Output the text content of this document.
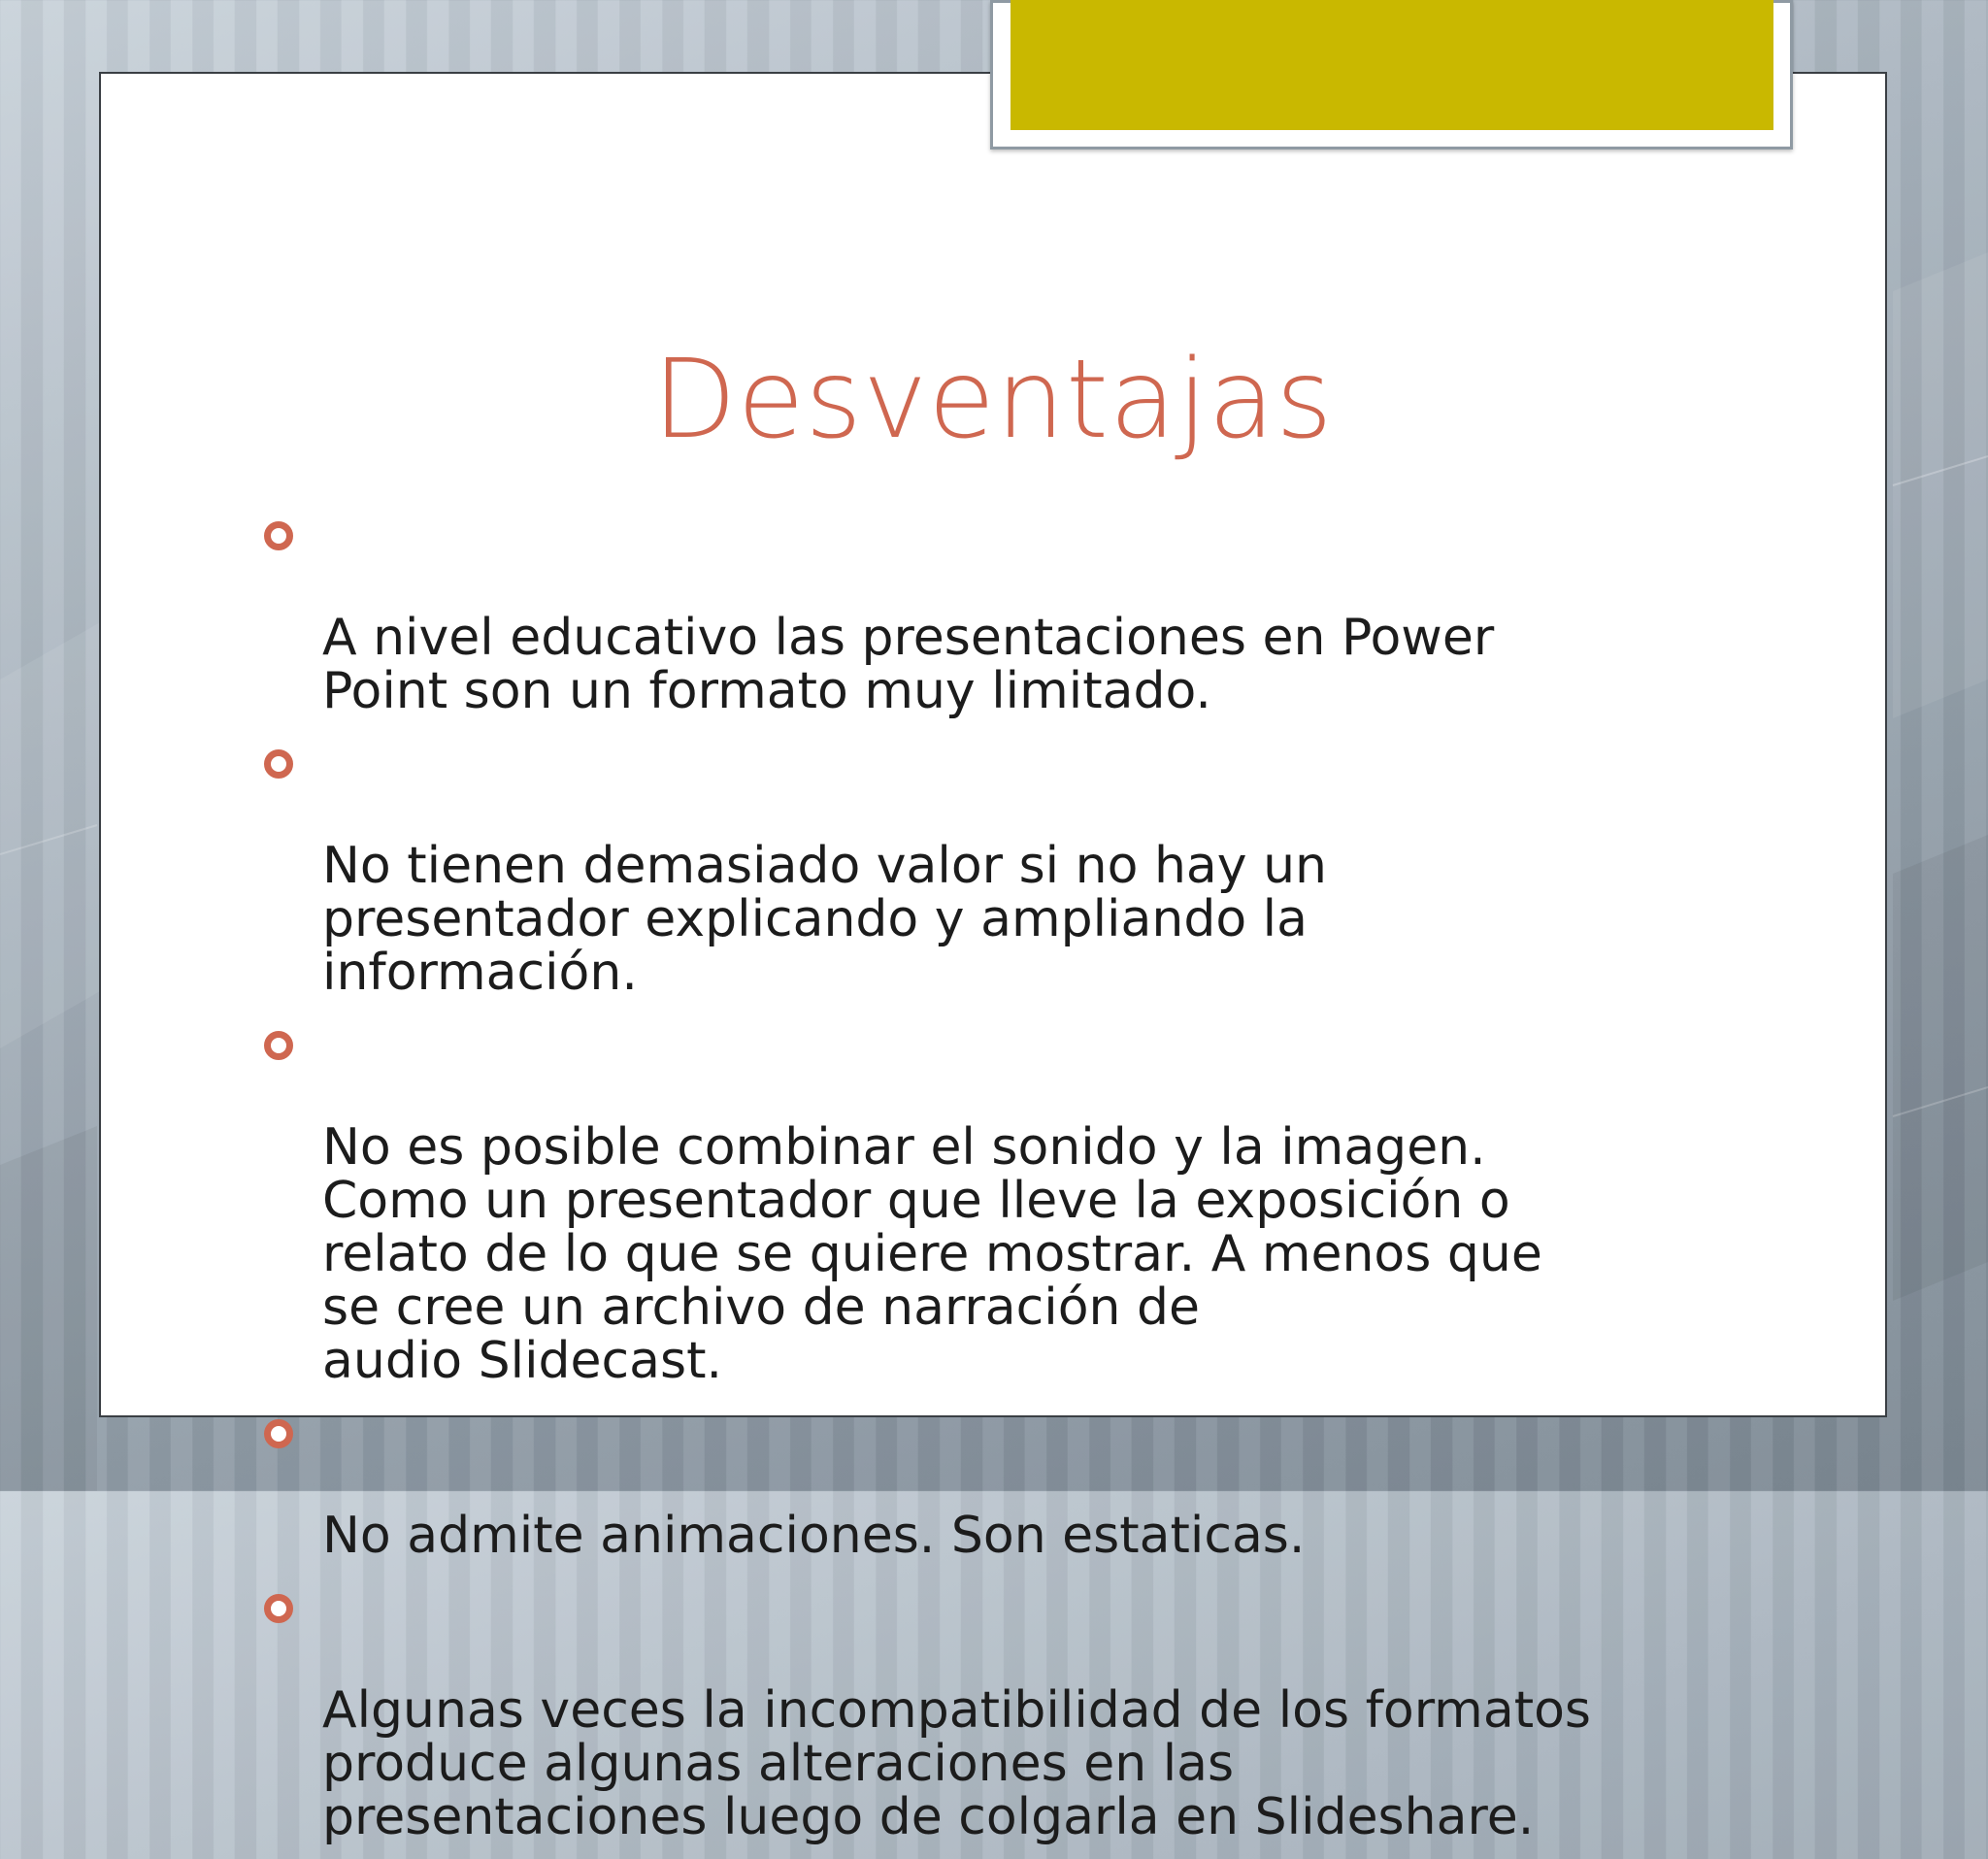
Desventajas

A nivel educativo las presentaciones en Power
Point son un formato muy limitado.

No tienen demasiado valor si no hay un
presentador explicando y ampliando la
información.

No es posible combinar el sonido y la imagen.
Como un presentador que lleve la exposición o
relato de lo que se quiere mostrar. A menos que
se cree un archivo de narración de
audio Slidecast.

No admite animaciones. Son estaticas.

Algunas veces la incompatibilidad de los formatos
produce algunas alteraciones en las
presentaciones luego de colgarla en Slideshare.
